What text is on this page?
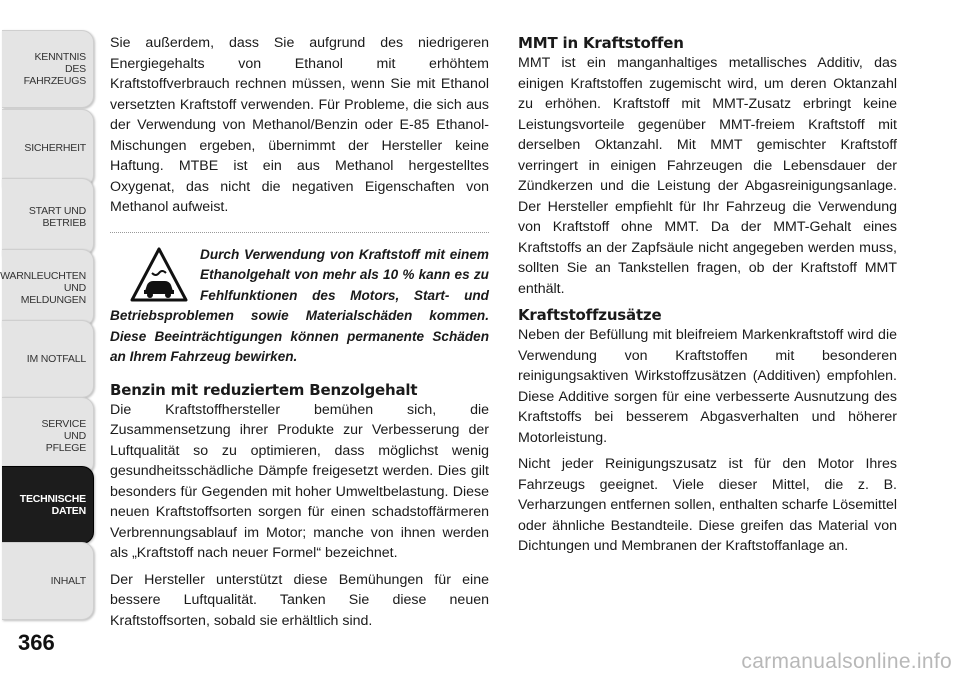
KENNTNIS
DES
FAHRZEUGS
SICHERHEIT
START UND
BETRIEB
WARNLEUCHTEN
UND
MELDUNGEN
IM NOTFALL
SERVICE
UND
PFLEGE
TECHNISCHE
DATEN
INHALT
366

Sie außerdem, dass Sie aufgrund des niedrigeren Energiegehalts von Ethanol mit erhöhtem Kraftstoffverbrauch rechnen müssen, wenn Sie mit Ethanol versetzten Kraftstoff verwenden. Für Probleme, die sich aus der Verwendung von Methanol/Benzin oder E-85 Ethanol-Mischungen ergeben, übernimmt der Hersteller keine Haftung. MTBE ist ein aus Methanol hergestelltes Oxygenat, das nicht die negativen Eigenschaften von Methanol aufweist.

Durch Verwendung von Kraftstoff mit einem Ethanolgehalt von mehr als 10 % kann es zu Fehlfunktionen des Motors, Start- und Betriebsproblemen sowie Materialschäden kommen. Diese Beeinträchtigungen können permanente Schäden an Ihrem Fahrzeug bewirken.
Benzin mit reduziertem Benzolgehalt

Die Kraftstoffhersteller bemühen sich, die Zusammensetzung ihrer Produkte zur Verbesserung der Luftqualität so zu optimieren, dass möglichst wenig gesundheitsschädliche Dämpfe freigesetzt werden. Dies gilt besonders für Gegenden mit hoher Umweltbelastung. Diese neuen Kraftstoffsorten sorgen für einen schadstoffärmeren Verbrennungsablauf im Motor; manche von ihnen werden als „Kraftstoff nach neuer Formel“ bezeichnet.

Der Hersteller unterstützt diese Bemühungen für eine bessere Luftqualität. Tanken Sie diese neuen Kraftstoffsorten, sobald sie erhältlich sind.

MMT in Kraftstoffen

MMT ist ein manganhaltiges metallisches Additiv, das einigen Kraftstoffen zugemischt wird, um deren Oktanzahl zu erhöhen. Kraftstoff mit MMT-Zusatz erbringt keine Leistungsvorteile gegenüber MMT-freiem Kraftstoff mit derselben Oktanzahl. Mit MMT gemischter Kraftstoff verringert in einigen Fahrzeugen die Lebensdauer der Zündkerzen und die Leistung der Abgasreinigungsanlage. Der Hersteller empfiehlt für Ihr Fahrzeug die Verwendung von Kraftstoff ohne MMT. Da der MMT-Gehalt eines Kraftstoffs an der Zapfsäule nicht angegeben werden muss, sollten Sie an Tankstellen fragen, ob der Kraftstoff MMT enthält.

Kraftstoffzusätze

Neben der Befüllung mit bleifreiem Markenkraftstoff wird die Verwendung von Kraftstoffen mit besonderen reinigungsaktiven Wirkstoffzusätzen (Additiven) empfohlen. Diese Additive sorgen für eine verbesserte Ausnutzung des Kraftstoffs bei besserem Abgasverhalten und höherer Motorleistung.

Nicht jeder Reinigungszusatz ist für den Motor Ihres Fahrzeugs geeignet. Viele dieser Mittel, die z. B. Verharzungen entfernen sollen, enthalten scharfe Lösemittel oder ähnliche Bestandteile. Diese greifen das Material von Dichtungen und Membranen der Kraftstoffanlage an.

carmanualsonline.info
